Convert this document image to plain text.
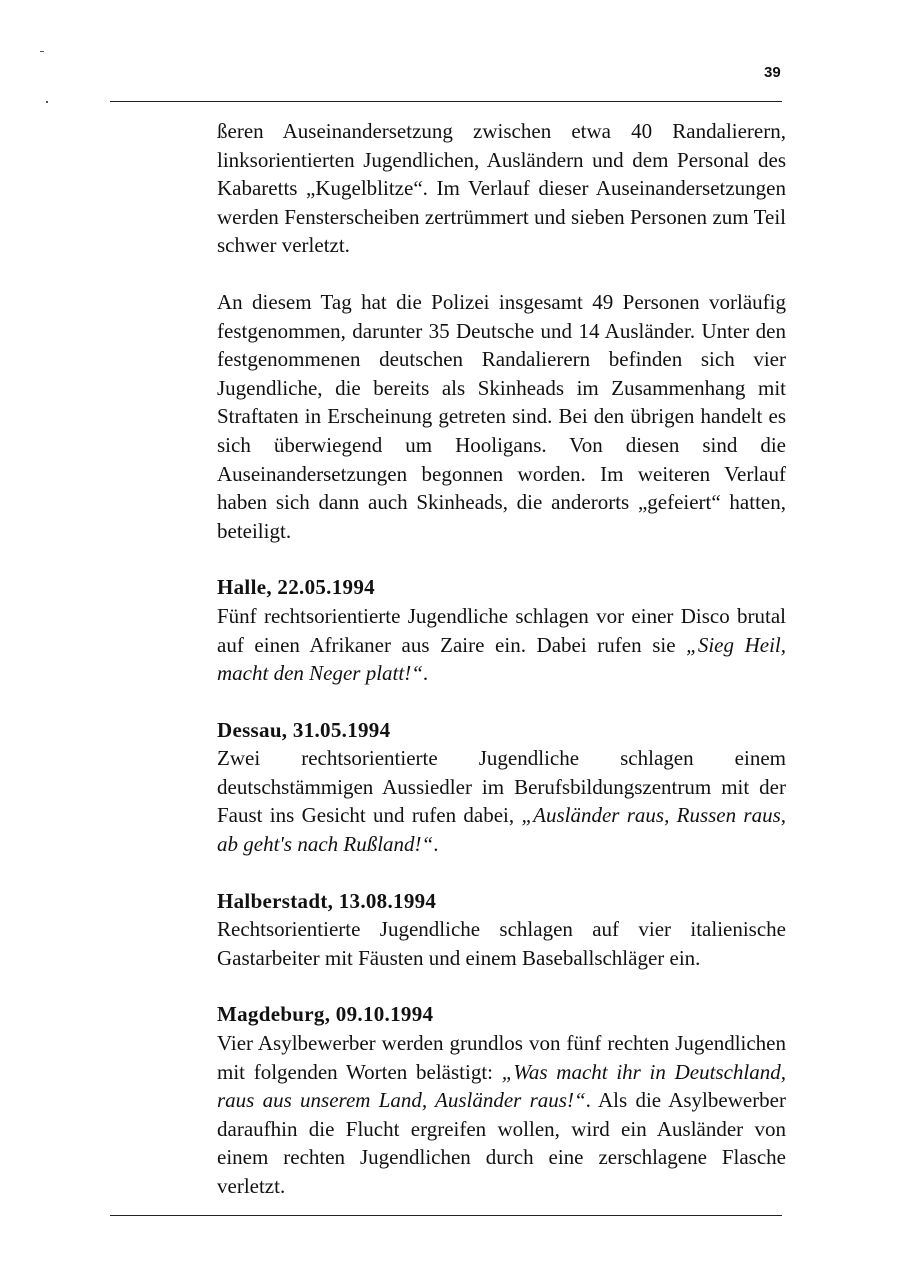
39

ßeren Auseinandersetzung zwischen etwa 40 Randalierern, linksorientierten Jugendlichen, Ausländern und dem Personal des Kabaretts „Kugelblitze“. Im Verlauf dieser Auseinandersetzungen werden Fensterscheiben zertrümmert und sieben Personen zum Teil schwer verletzt.

An diesem Tag hat die Polizei insgesamt 49 Personen vorläufig festgenommen, darunter 35 Deutsche und 14 Ausländer. Unter den festgenommenen deutschen Randalierern befinden sich vier Jugendliche, die bereits als Skinheads im Zusammenhang mit Straftaten in Erscheinung getreten sind. Bei den übrigen handelt es sich überwiegend um Hooligans. Von diesen sind die Auseinandersetzungen begonnen worden. Im weiteren Verlauf haben sich dann auch Skinheads, die anderorts „gefeiert“ hatten, beteiligt.

Halle, 22.05.1994

Fünf rechtsorientierte Jugendliche schlagen vor einer Disco brutal auf einen Afrikaner aus Zaire ein. Dabei rufen sie „Sieg Heil, macht den Neger platt!“.

Dessau, 31.05.1994

Zwei rechtsorientierte Jugendliche schlagen einem deutschstämmigen Aussiedler im Berufsbildungszentrum mit der Faust ins Gesicht und rufen dabei, „Ausländer raus, Russen raus, ab geht's nach Rußland!“.

Halberstadt, 13.08.1994

Rechtsorientierte Jugendliche schlagen auf vier italienische Gastarbeiter mit Fäusten und einem Baseballschläger ein.

Magdeburg, 09.10.1994

Vier Asylbewerber werden grundlos von fünf rechten Jugendlichen mit folgenden Worten belästigt: „Was macht ihr in Deutschland, raus aus unserem Land, Ausländer raus!“. Als die Asylbewerber daraufhin die Flucht ergreifen wollen, wird ein Ausländer von einem rechten Jugendlichen durch eine zerschlagene Flasche verletzt.
